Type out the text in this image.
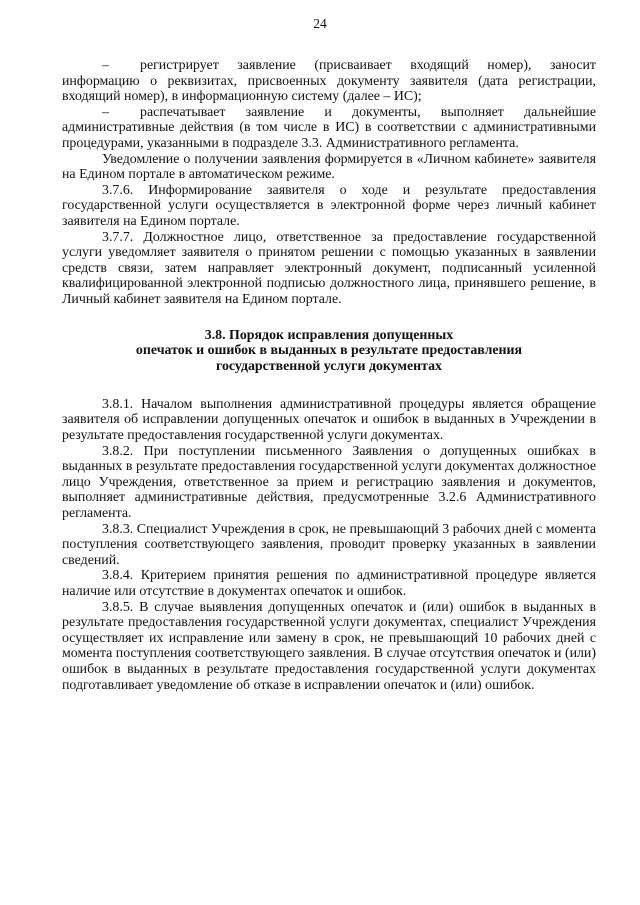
24

– регистрирует заявление (присваивает входящий номер), заносит информацию о реквизитах, присвоенных документу заявителя (дата регистрации, входящий номер), в информационную систему (далее – ИС);

– распечатывает заявление и документы, выполняет дальнейшие административные действия (в том числе в ИС) в соответствии с административными процедурами, указанными в подразделе 3.3. Административного регламента.

Уведомление о получении заявления формируется в «Личном кабинете» заявителя на Едином портале в автоматическом режиме.

3.7.6. Информирование заявителя о ходе и результате предоставления государственной услуги осуществляется в электронной форме через личный кабинет заявителя на Едином портале.

3.7.7. Должностное лицо, ответственное за предоставление государственной услуги уведомляет заявителя о принятом решении с помощью указанных в заявлении средств связи, затем направляет электронный документ, подписанный усиленной квалифицированной электронной подписью должностного лица, принявшего решение, в Личный кабинет заявителя на Едином портале.

3.8. Порядок исправления допущенных
опечаток и ошибок в выданных в результате предоставления
государственной услуги документах

3.8.1. Началом выполнения административной процедуры является обращение заявителя об исправлении допущенных опечаток и ошибок в выданных в Учреждении в результате предоставления государственной услуги документах.

3.8.2. При поступлении письменного Заявления о допущенных ошибках в выданных в результате предоставления государственной услуги документах должностное лицо Учреждения, ответственное за прием и регистрацию заявления и документов, выполняет административные действия, предусмотренные 3.2.6 Административного регламента.

3.8.3. Специалист Учреждения в срок, не превышающий 3 рабочих дней с момента поступления соответствующего заявления, проводит проверку указанных в заявлении сведений.

3.8.4. Критерием принятия решения по административной процедуре является наличие или отсутствие в документах опечаток и ошибок.

3.8.5. В случае выявления допущенных опечаток и (или) ошибок в выданных в результате предоставления государственной услуги документах, специалист Учреждения осуществляет их исправление или замену в срок, не превышающий 10 рабочих дней с момента поступления соответствующего заявления. В случае отсутствия опечаток и (или) ошибок в выданных в результате предоставления государственной услуги документах подготавливает уведомление об отказе в исправлении опечаток и (или) ошибок.
